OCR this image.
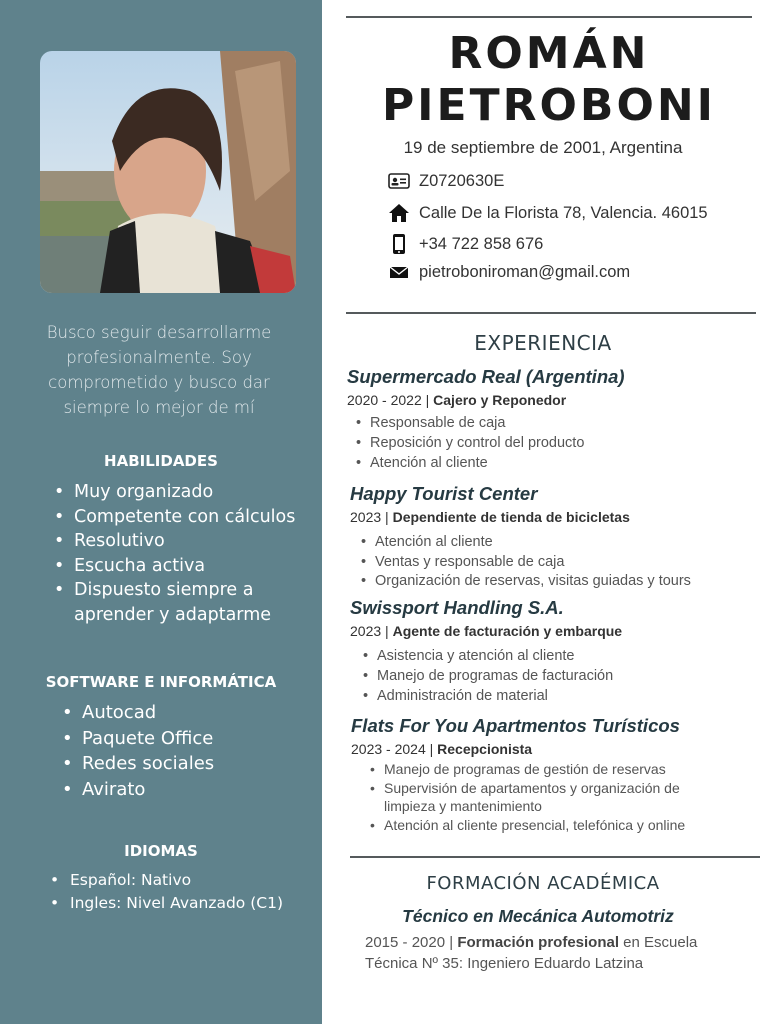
Busco seguir desarrollarme profesionalmente. Soy comprometido y busco dar siempre lo mejor de mí
HABILIDADES
• Muy organizado
• Competente con cálculos
• Resolutivo
• Escucha activa
• Dispuesto siempre a aprender y adaptarme
SOFTWARE E INFORMÁTICA
• Autocad
• Paquete Office
• Redes sociales
• Avirato
IDIOMAS
• Español: Nativo
• Ingles: Nivel Avanzado (C1)
ROMÁN
PIETROBONI
19 de septiembre de 2001, Argentina
Z0720630E
Calle De la Florista 78, Valencia. 46015
+34 722 858 676
pietroboniroman@gmail.com
EXPERIENCIA
Supermercado Real (Argentina)
2020 - 2022 | Cajero y Reponedor
• Responsable de caja
• Reposición y control del producto
• Atención al cliente
Happy Tourist Center
2023 | Dependiente de tienda de bicicletas
• Atención al cliente
• Ventas y responsable de caja
• Organización de reservas, visitas guiadas y tours
Swissport Handling S.A.
2023 | Agente de facturación y embarque
• Asistencia y atención al cliente
• Manejo de programas de facturación
• Administración de material
Flats For You Apartmentos Turísticos
2023 - 2024 | Recepcionista
• Manejo de programas de gestión de reservas
• Supervisión de apartamentos y organización de limpieza y mantenimiento
• Atención al cliente presencial, telefónica y online
FORMACIÓN ACADÉMICA
Técnico en Mecánica Automotriz
2015 - 2020 | Formación profesional en Escuela Técnica Nº 35: Ingeniero Eduardo Latzina
